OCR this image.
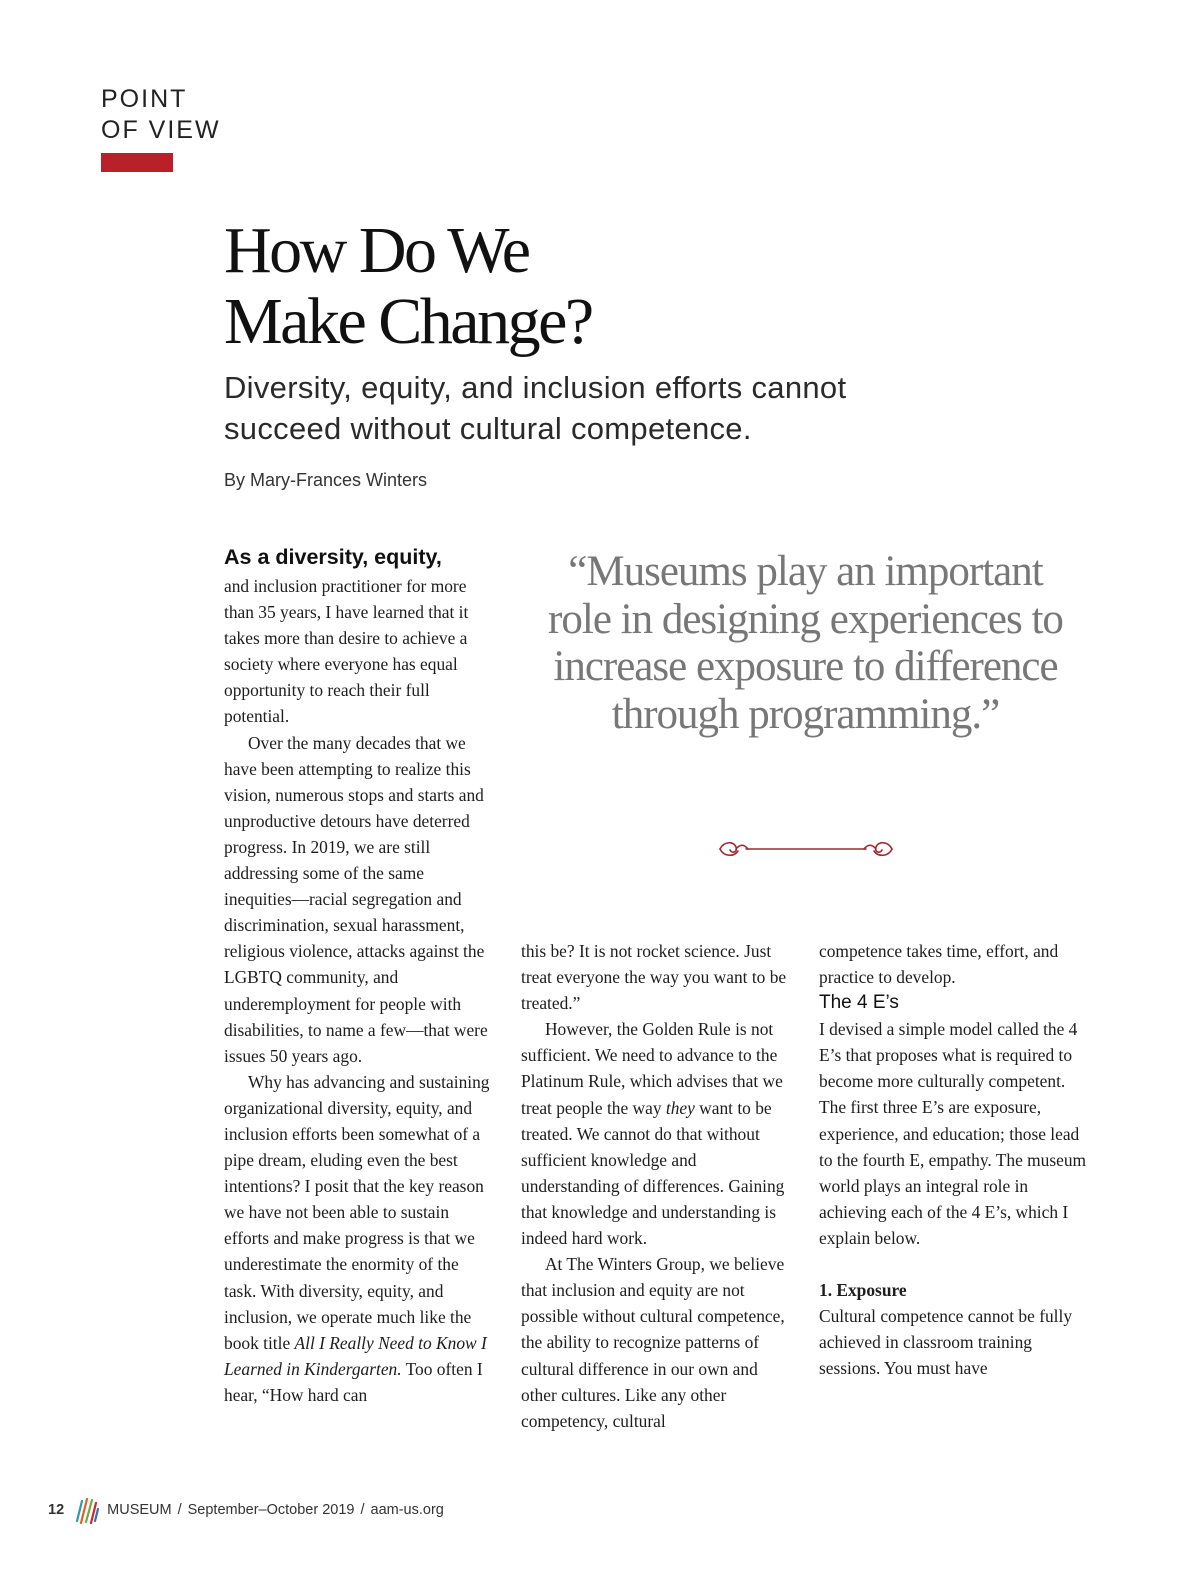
POINT
OF VIEW
How Do We
Make Change?
Diversity, equity, and inclusion efforts cannot succeed without cultural competence.
By Mary-Frances Winters
As a diversity, equity,

and inclusion practitioner for more than 35 years, I have learned that it takes more than desire to achieve a society where everyone has equal opportunity to reach their full potential.

Over the many decades that we have been attempting to realize this vision, numerous stops and starts and unproductive detours have deterred progress. In 2019, we are still addressing some of the same inequities—racial segregation and discrimination, sexual harassment, religious violence, attacks against the LGBTQ community, and underemployment for people with disabilities, to name a few—that were issues 50 years ago.

Why has advancing and sustaining organizational diversity, equity, and inclusion efforts been somewhat of a pipe dream, eluding even the best intentions? I posit that the key reason we have not been able to sustain efforts and make progress is that we underestimate the enormity of the task. With diversity, equity, and inclusion, we operate much like the book title All I Really Need to Know I Learned in Kindergarten. Too often I hear, “How hard can

“Museums play an important role in designing experiences to increase exposure to difference through programming.”

this be? It is not rocket science. Just treat everyone the way you want to be treated.”

However, the Golden Rule is not sufficient. We need to advance to the Platinum Rule, which advises that we treat people the way they want to be treated. We cannot do that without sufficient knowledge and understanding of differences. Gaining that knowledge and understanding is indeed hard work.

At The Winters Group, we believe that inclusion and equity are not possible without cultural competence, the ability to recognize patterns of cultural difference in our own and other cultures. Like any other competency, cultural

competence takes time, effort, and practice to develop.

The 4 E’s

I devised a simple model called the 4 E’s that proposes what is required to become more culturally competent. The first three E’s are exposure, experience, and education; those lead to the fourth E, empathy. The museum world plays an integral role in achieving each of the 4 E’s, which I explain below.

1. Exposure

Cultural competence cannot be fully achieved in classroom training sessions. You must have

12	MUSEUM / September–October 2019 / aam-us.org
